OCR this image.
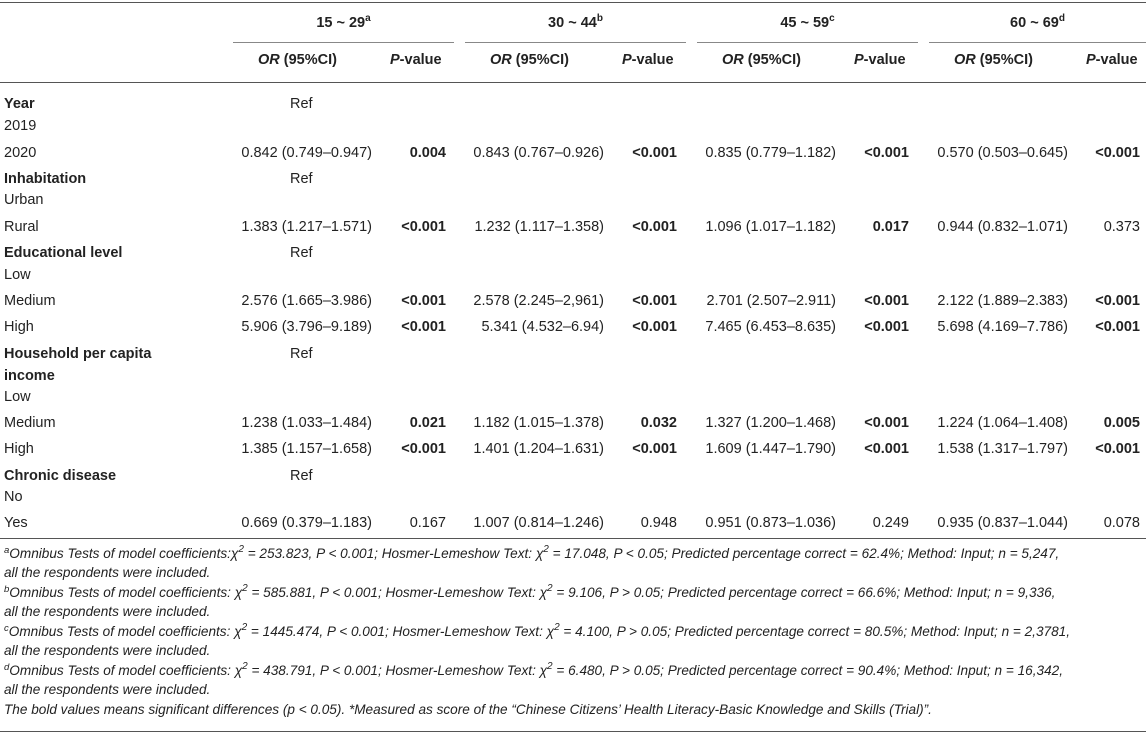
15 ~ 29$^a$	30 ~ 44$^b$	45 ~ 59$^c$	60 ~ 69$^d$
OR (95%CI)	P-value	OR (95%CI)	P-value	OR (95%CI)	P-value	OR (95%CI)	P-value
Year	Ref
2019
2020	0.842 (0.749–0.947)	0.004	0.843 (0.767–0.926)	<0.001	0.835 (0.779–1.182)	<0.001	0.570 (0.503–0.645)	<0.001
Inhabitation	Ref
Urban
Rural	1.383 (1.217–1.571)	<0.001	1.232 (1.117–1.358)	<0.001	1.096 (1.017–1.182)	0.017	0.944 (0.832–1.071)	0.373
Educational level	Ref
Low
Medium	2.576 (1.665–3.986)	<0.001	2.578 (2.245–2,961)	<0.001	2.701 (2.507–2.911)	<0.001	2.122 (1.889–2.383)	<0.001
High	5.906 (3.796–9.189)	<0.001	5.341 (4.532–6.94)	<0.001	7.465 (6.453–8.635)	<0.001	5.698 (4.169–7.786)	<0.001
Household per capita	Ref
income
Low
Medium	1.238 (1.033–1.484)	0.021	1.182 (1.015–1.378)	0.032	1.327 (1.200–1.468)	<0.001	1.224 (1.064–1.408)	0.005
High	1.385 (1.157–1.658)	<0.001	1.401 (1.204–1.631)	<0.001	1.609 (1.447–1.790)	<0.001	1.538 (1.317–1.797)	<0.001
Chronic disease	Ref
No
Yes	0.669 (0.379–1.183)	0.167	1.007 (0.814–1.246)	0.948	0.951 (0.873–1.036)	0.249	0.935 (0.837–1.044)	0.078
$^a$Omnibus Tests of model $coefficients:\chi^2 = 253.823$, P < 0.001; Hosmer-Lemeshow Text: $\chi^2 = 17.048$, P < 0.05; Predicted percentage correct = 62.4%; Method: Input; n = 5,247,
all the respondents were included.
$^b$Omnibus Tests of model coefficients: $\chi^2 = 585.881$, P < 0.001; Hosmer-Lemeshow Text: $\chi^2 = 9.106$, P > 0.05; Predicted percentage correct = 66.6%; Method: Input; n = 9,336,
all the respondents were included.
$^c$Omnibus Tests of model coefficients: $\chi^2 = 1445.474$, P < 0.001; Hosmer-Lemeshow Text: $\chi^2 = 4.100$, P > 0.05; Predicted percentage correct = 80.5%; Method: Input; n = 2,3781,
all the respondents were included.
$^d$Omnibus Tests of model coefficients: $\chi^2 = 438.791$, P < 0.001; Hosmer-Lemeshow Text: $\chi^2 = 6.480$, P > 0.05; Predicted percentage correct = 90.4%; Method: Input; n = 16,342,
all the respondents were included.
The bold values means significant differences (p < 0.05). *Measured as score of the “Chinese Citizens’ Health Literacy-Basic Knowledge and Skills (Trial)”.
